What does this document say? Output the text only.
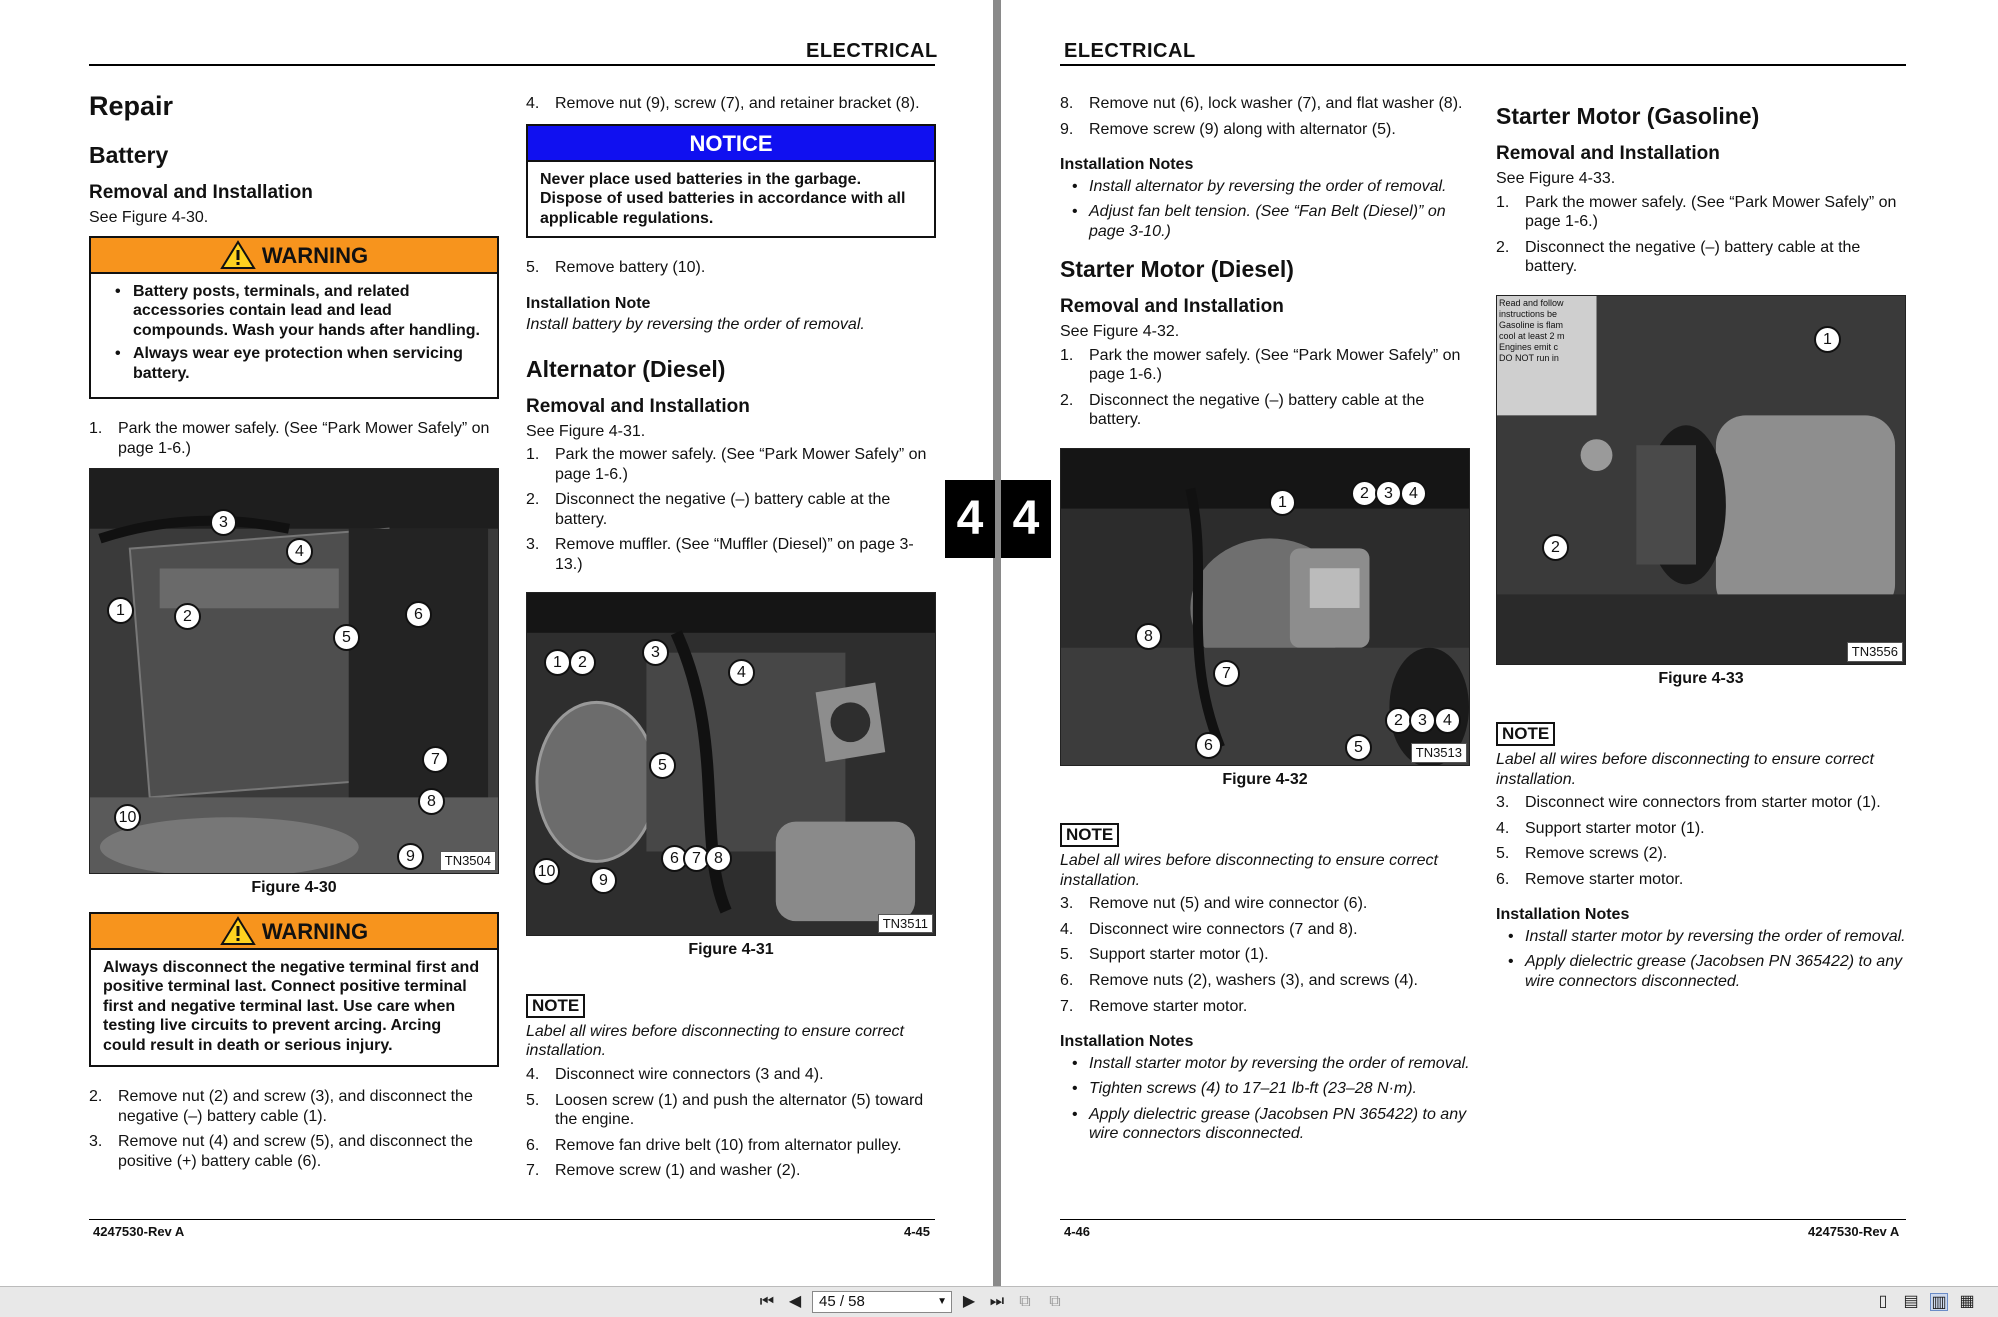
ELECTRICAL
Repair
Battery
Removal and Installation

See Figure 4-30.

WARNING
• Battery posts, terminals, and related accessories contain lead and lead compounds. Wash your hands after handling.
• Always wear eye protection when servicing battery.
1. Park the mower safely. (See “Park Mower Safely” on page 1-6.)
1	2
3
4
5
6
7
8
9
10
TN3504
Figure 4-30
WARNING
Always disconnect the negative terminal first and positive terminal last. Connect positive terminal first and negative terminal last. Use care when testing live circuits to prevent arcing. Arcing could result in death or serious injury.
2. Remove nut (2) and screw (3), and disconnect the negative (–) battery cable (1).
3. Remove nut (4) and screw (5), and disconnect the positive (+) battery cable (6).
4. Remove nut (9), screw (7), and retainer bracket (8).
NOTICE
Never place used batteries in the garbage. Dispose of used batteries in accordance with all applicable regulations.
5. Remove battery (10).
Installation Note

Install battery by reversing the order of removal.

Alternator (Diesel)
Removal and Installation

See Figure 4-31.

1. Park the mower safely. (See “Park Mower Safely” on page 1-6.)
2. Disconnect the negative (–) battery cable at the battery.
3. Remove muffler. (See “Muffler (Diesel)” on page 3-13.)
1	2
3
4
5
6 7 8
9
10
TN3511
Figure 4-31
NOTE

Label all wires before disconnecting to ensure correct installation.

4. Disconnect wire connectors (3 and 4).
5. Loosen screw (1) and push the alternator (5) toward the engine.
6. Remove fan drive belt (10) from alternator pulley.
7. Remove screw (1) and washer (2).
4247530-Rev A	4-45
ELECTRICAL
8. Remove nut (6), lock washer (7), and flat washer (8).
9. Remove screw (9) along with alternator (5).
Installation Notes
• Install alternator by reversing the order of removal.
• Adjust fan belt tension. (See “Fan Belt (Diesel)” on page 3-10.)
Starter Motor (Diesel)
Removal and Installation

See Figure 4-32.

1. Park the mower safely. (See “Park Mower Safely” on page 1-6.)
2. Disconnect the negative (–) battery cable at the battery.
1
2 3	4
2 3	4
5
6
7
8
TN3513
Figure 4-32
NOTE

Label all wires before disconnecting to ensure correct installation.

3. Remove nut (5) and wire connector (6).
4. Disconnect wire connectors (7 and 8).
5. Support starter motor (1).
6. Remove nuts (2), washers (3), and screws (4).
7. Remove starter motor.
Installation Notes
• Install starter motor by reversing the order of removal.
• Tighten screws (4) to 17–21 lb-ft (23–28 N·m).
• Apply dielectric grease (Jacobsen PN 365422) to any wire connectors disconnected.
Starter Motor (Gasoline)
Removal and Installation

See Figure 4-33.

1. Park the mower safely. (See “Park Mower Safely” on page 1-6.)
2. Disconnect the negative (–) battery cable at the battery.
Read and follow
instructions be
Gasoline is flam
cool at least 2 m
Engines emit c
DO NOT run in
1
2
TN3556
Figure 4-33
NOTE

Label all wires before disconnecting to ensure correct installation.

3. Disconnect wire connectors from starter motor (1).
4. Support starter motor (1).
5. Remove screws (2).
6. Remove starter motor.
Installation Notes
• Install starter motor by reversing the order of removal.
• Apply dielectric grease (Jacobsen PN 365422) to any wire connectors disconnected.
4-46	4247530-Rev A
4 4
⏮ ◀	45 / 58	▼ ▶ ⏭ ⧉ ⧉	▯ ▤ ▥ ▦
